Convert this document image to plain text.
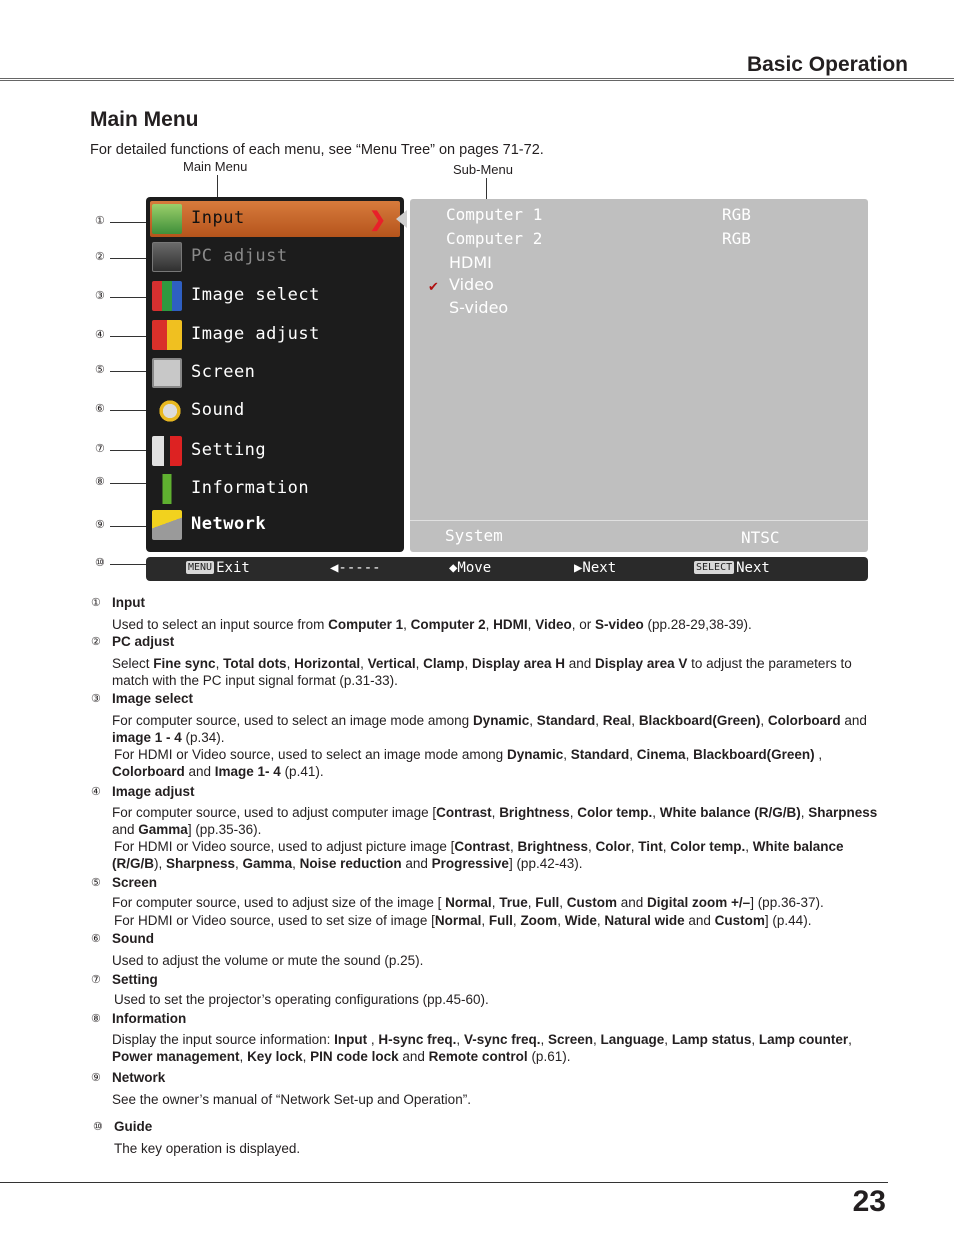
Basic Operation
Main Menu
For detailed functions of each menu, see “Menu Tree” on pages 71-72.
Main Menu	Sub-Menu
①
②
③
④
⑤
⑥
⑦
⑧
⑨
⑩
Input	❯
PC adjust
Image select
Image adjust
Screen
Sound
Setting
Information
Network
Computer 1	RGB
Computer 2	RGB
HDMI
✔ Video
S-video
System	NTSC
MENU Exit	◀-----	◆Move	▶Next	SELECT Next
① Input
Used to select an input source from Computer 1, Computer 2, HDMI, Video, or S-video (pp.28-29,38-39).
② PC adjust
Select Fine sync, Total dots, Horizontal, Vertical, Clamp, Display area H and Display area V to adjust the parameters to match with the PC input signal format (p.31-33).
③ Image select
For computer source, used to select an image mode among Dynamic, Standard, Real, Blackboard(Green), Colorboard and image 1 - 4 (p.34).
For HDMI or Video source, used to select an image mode among Dynamic, Standard, Cinema, Blackboard(Green) , Colorboard and Image 1- 4 (p.41).
④ Image adjust
For computer source, used to adjust computer image [Contrast, Brightness, Color temp., White balance (R/G/B), Sharpness and Gamma] (pp.35-36).
For HDMI or Video source, used to adjust picture image [Contrast, Brightness, Color, Tint, Color temp., White balance (R/G/B), Sharpness, Gamma, Noise reduction and Progressive] (pp.42-43).
⑤ Screen
For computer source, used to adjust size of the image [ Normal, True, Full, Custom and Digital zoom +/–] (pp.36-37).
For HDMI or Video source, used to set size of image [Normal, Full, Zoom, Wide, Natural wide and Custom] (p.44).
⑥ Sound
Used to adjust the volume or mute the sound (p.25).
⑦ Setting
Used to set the projector’s operating configurations (pp.45-60).
⑧ Information
Display the input source information: Input , H-sync freq., V-sync freq., Screen, Language, Lamp status, Lamp counter, Power management, Key lock, PIN code lock and Remote control (p.61).
⑨ Network
See the owner’s manual of “Network Set-up and Operation”.
⑩ Guide
The key operation is displayed.
23
